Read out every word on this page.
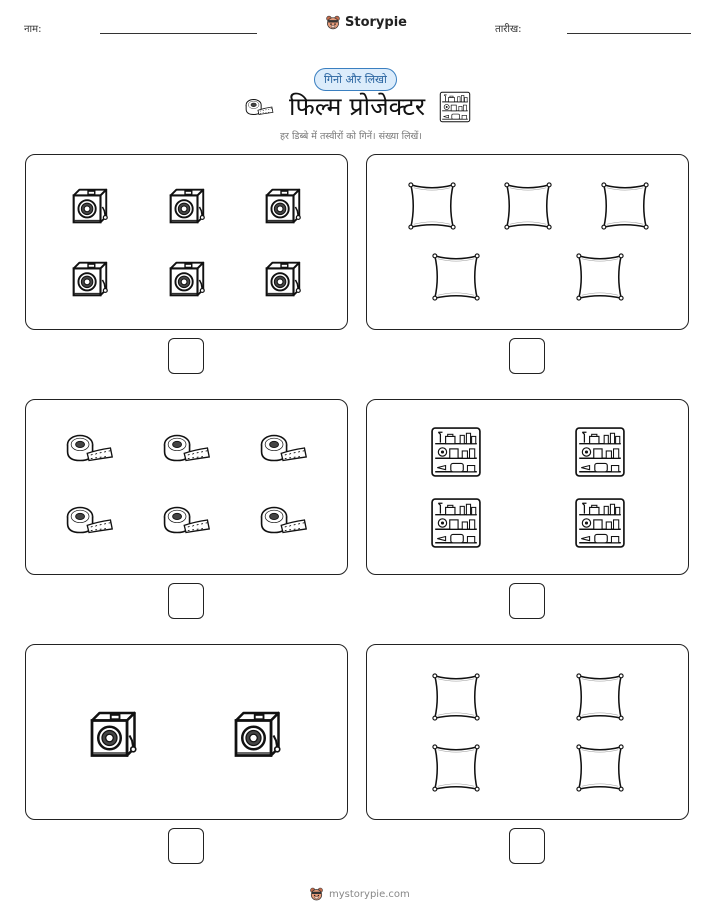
नाम:	Storypie	तारीख:
गिनो और लिखो
फिल्म प्रोजेक्टर
हर डिब्बे में तस्वीरों को गिनें। संख्या लिखें।
mystorypie.com
